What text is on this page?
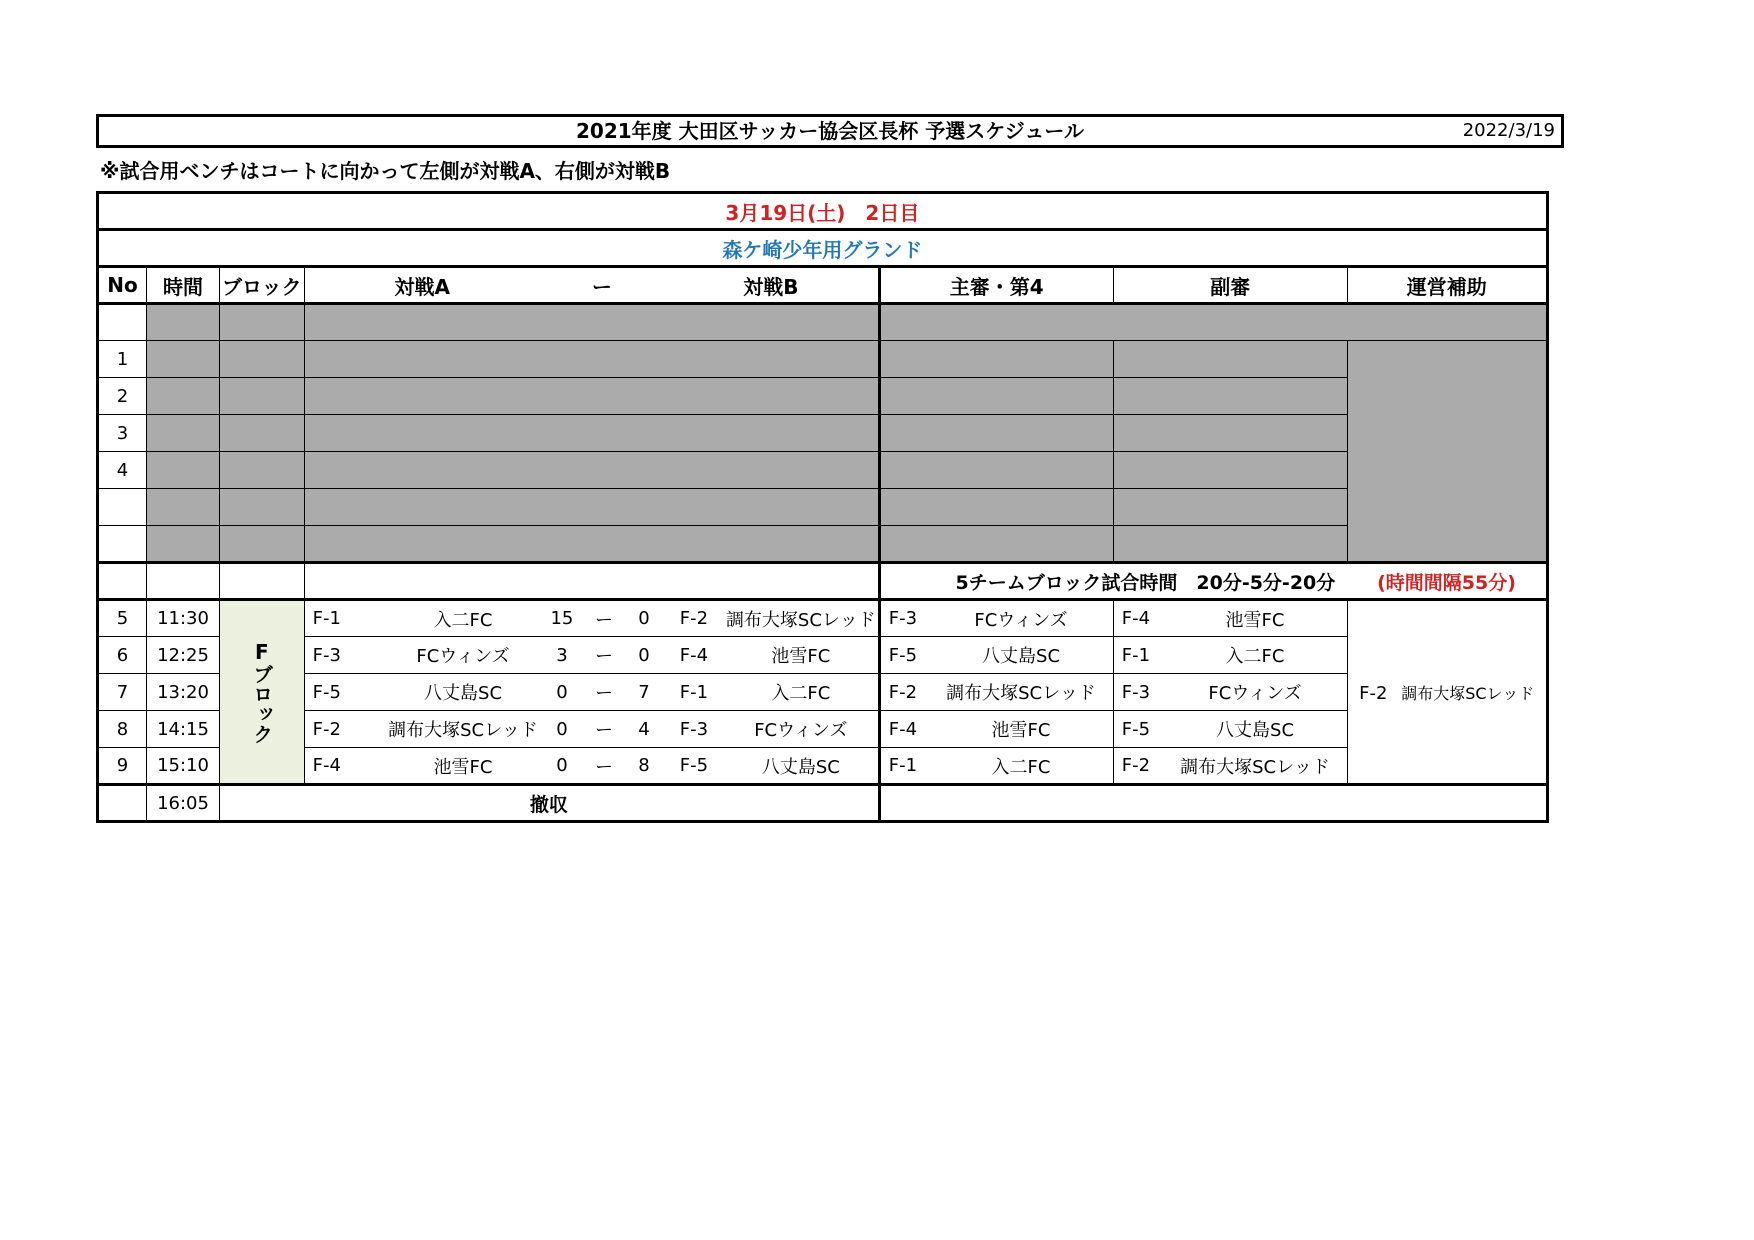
2021年度 大田区サッカー協会区長杯 予選スケジュール	2022/3/19
※試合用ベンチはコートに向かって左側が対戦A、右側が対戦B
3月19日(土)　2日目														
森ケ崎少年用グランド														
No	時間	ブロック	対戦A		ー			対戦B		主審・第4		副審		運営補助

1														
2														
3														
4														

										5チームブロック試合時間　20分-5分-20分				(時間間隔55分)
5	11:30	Fブロック	F-1	入二FC	15	ー	0	F-2	調布大塚SCレッド	F-3	FCウィンズ	F-4	池雪FC	F-2 調布大塚SCレッド
6	12:25		F-3	FCウィンズ	3	ー	0	F-4	池雪FC	F-5	八丈島SC	F-1	入二FC	
7	13:20		F-5	八丈島SC	0	ー	7	F-1	入二FC	F-2	調布大塚SCレッド	F-3	FCウィンズ	
8	14:15		F-2	調布大塚SCレッド	0	ー	4	F-3	FCウィンズ	F-4	池雪FC	F-5	八丈島SC	
9	15:10		F-4	池雪FC	0	ー	8	F-5	八丈島SC	F-1	入二FC	F-2	調布大塚SCレッド	
	16:05	撤収												
